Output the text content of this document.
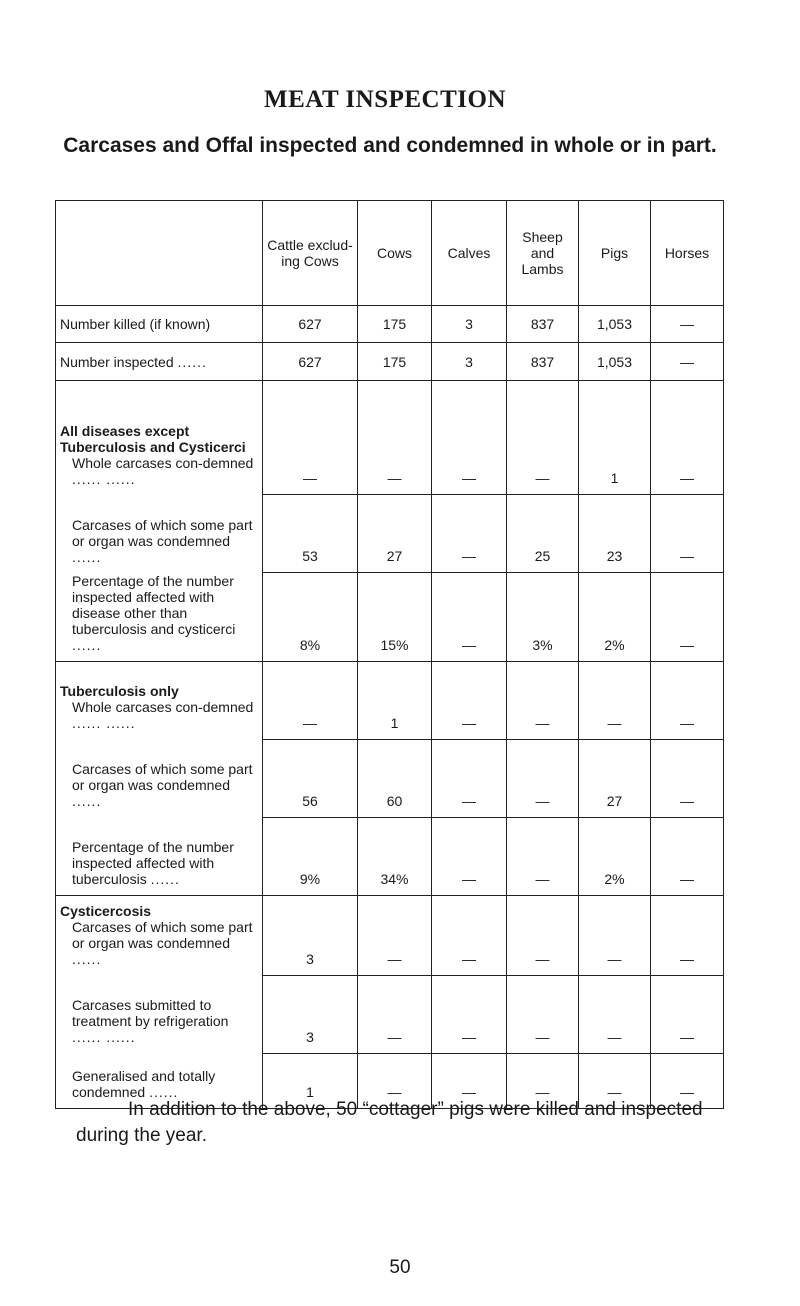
MEAT INSPECTION
Carcases and Offal inspected and condemned in whole or in part.
	Cattle exclud-ing Cows	Cows	Calves	Sheep and Lambs	Pigs	Horses
Number killed (if known)	627	175	3	837	1,053	—
Number inspected ......	627	175	3	837	1,053	—
All diseases except Tuberculosis and Cysticerci

Whole carcases con-demned ...... ......	—	—	—	—	1	—

Carcases of which some part or organ was condemned ......	53	27	—	25	23	—

Percentage of the number inspected affected with disease other than tuberculosis and cysticerci ......	8%	15%	—	3%	2%	—
Tuberculosis only

Whole carcases con-demned ...... ......	—	1	—	—	—	—

Carcases of which some part or organ was condemned ......	56	60	—	—	27	—

Percentage of the number inspected affected with tuberculosis ......	9%	34%	—	—	2%	—
Cysticercosis

Carcases of which some part or organ was condemned ......	3	—	—	—	—	—

Carcases submitted to treatment by refrigeration ...... ......	3	—	—	—	—	—

Generalised and totally condemned ......	1	—	—	—	—	—
In addition to the above, 50 “cottager” pigs were killed and inspected during the year.
50
